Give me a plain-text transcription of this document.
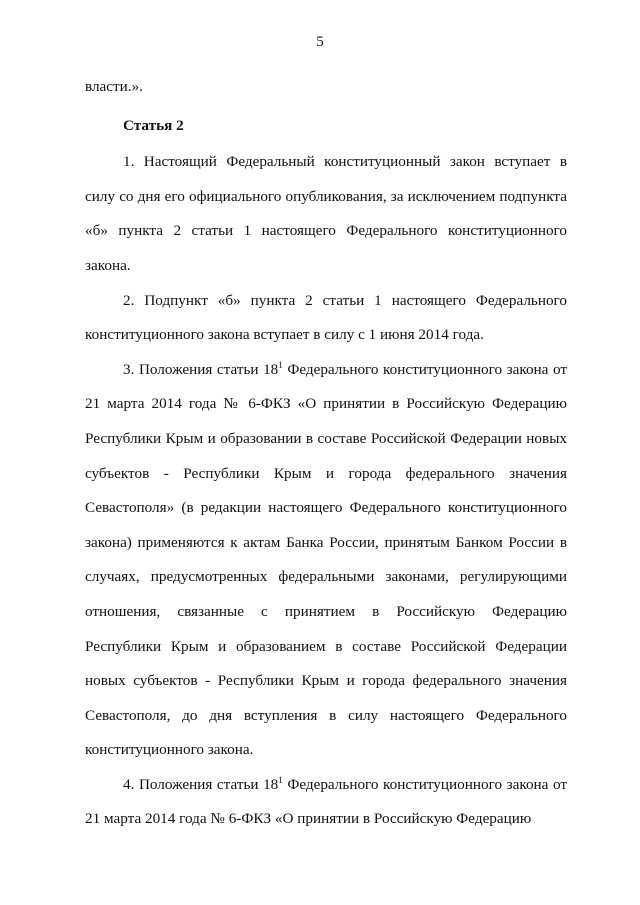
5

власти.».

Статья 2

1. Настоящий Федеральный конституционный закон вступает в силу со дня его официального опубликования, за исключением подпункта «б» пункта 2 статьи 1 настоящего Федерального конституционного закона.

2. Подпункт «б» пункта 2 статьи 1 настоящего Федерального конституционного закона вступает в силу с 1 июня 2014 года.

3. Положения статьи $18^1$ Федерального конституционного закона от 21 марта 2014 года № 6-ФКЗ «О принятии в Российскую Федерацию Республики Крым и образовании в составе Российской Федерации новых субъектов - Республики Крым и города федерального значения Севастополя» (в редакции настоящего Федерального конституционного закона) применяются к актам Банка России, принятым Банком России в случаях, предусмотренных федеральными законами, регулирующими отношения, связанные с принятием в Российскую Федерацию Республики Крым и образованием в составе Российской Федерации новых субъектов - Республики Крым и города федерального значения Севастополя, до дня вступления в силу настоящего Федерального конституционного закона.

4. Положения статьи $18^1$ Федерального конституционного закона от 21 марта 2014 года № 6-ФКЗ «О принятии в Российскую Федерацию
